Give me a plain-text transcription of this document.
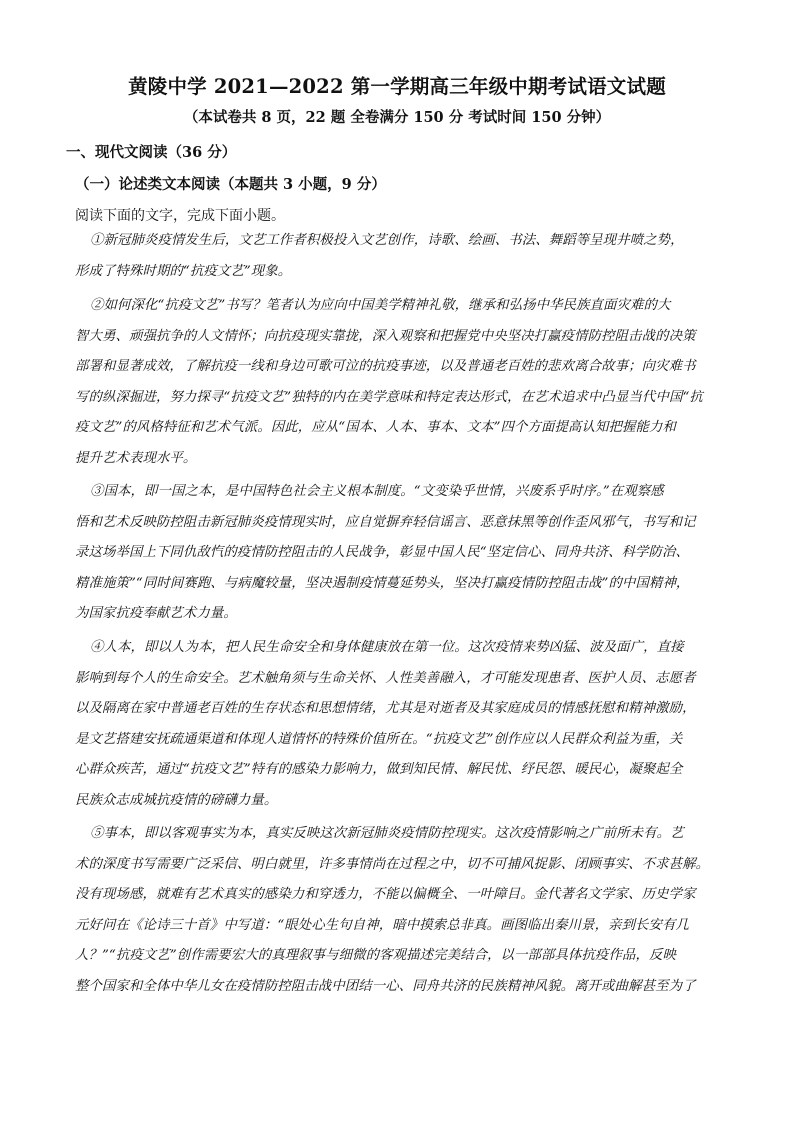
黄陵中学 2021—2022 第一学期高三年级中期考试语文试题
（本试卷共 8 页，22 题 全卷满分 150 分 考试时间 150 分钟）
一、现代文阅读（36 分）
（一）论述类文本阅读（本题共 3 小题，9 分）
阅读下面的文字，完成下面小题。
①新冠肺炎疫情发生后，文艺工作者积极投入文艺创作，诗歌、绘画、书法、舞蹈等呈现井喷之势，
形成了特殊时期的“抗疫文艺”现象。
②如何深化“抗疫文艺”书写？笔者认为应向中国美学精神礼敬，继承和弘扬中华民族直面灾难的大
智大勇、顽强抗争的人文情怀；向抗疫现实靠拢，深入观察和把握党中央坚决打赢疫情防控阻击战的决策
部署和显著成效，了解抗疫一线和身边可歌可泣的抗疫事迹，以及普通老百姓的悲欢离合故事；向灾难书
写的纵深掘进，努力探寻“抗疫文艺”独特的内在美学意味和特定表达形式，在艺术追求中凸显当代中国“抗
疫文艺”的风格特征和艺术气派。因此，应从“国本、人本、事本、文本”四个方面提高认知把握能力和
提升艺术表现水平。
③国本，即一国之本，是中国特色社会主义根本制度。“文变染乎世情，兴废系乎时序。”在观察感
悟和艺术反映防控阻击新冠肺炎疫情现实时，应自觉摒弃轻信谣言、恶意抹黑等创作歪风邪气，书写和记
录这场举国上下同仇敌忾的疫情防控阻击的人民战争，彰显中国人民“坚定信心、同舟共济、科学防治、
精准施策”“同时间赛跑、与病魔较量，坚决遏制疫情蔓延势头，坚决打赢疫情防控阻击战”的中国精神，
为国家抗疫奉献艺术力量。
④人本，即以人为本，把人民生命安全和身体健康放在第一位。这次疫情来势凶猛、波及面广，直接
影响到每个人的生命安全。艺术触角须与生命关怀、人性美善融入，才可能发现患者、医护人员、志愿者
以及隔离在家中普通老百姓的生存状态和思想情绪，尤其是对逝者及其家庭成员的情感抚慰和精神激励，
是文艺搭建安抚疏通渠道和体现人道情怀的特殊价值所在。“抗疫文艺”创作应以人民群众利益为重，关
心群众疾苦，通过“抗疫文艺”特有的感染力影响力，做到知民情、解民忧、纾民怨、暖民心，凝聚起全
民族众志成城抗疫情的磅礴力量。
⑤事本，即以客观事实为本，真实反映这次新冠肺炎疫情防控现实。这次疫情影响之广前所未有。艺
术的深度书写需要广泛采信、明白就里，许多事情尚在过程之中，切不可捕风捉影、闭顾事实、不求甚解。
没有现场感，就难有艺术真实的感染力和穿透力，不能以偏概全、一叶障目。金代著名文学家、历史学家
元好问在《论诗三十首》中写道：“眼处心生句自神，暗中摸索总非真。画图临出秦川景，亲到长安有几
人？”“抗疫文艺”创作需要宏大的真理叙事与细微的客观描述完美结合，以一部部具体抗疫作品，反映
整个国家和全体中华儿女在疫情防控阻击战中团结一心、同舟共济的民族精神风貌。离开或曲解甚至为了
